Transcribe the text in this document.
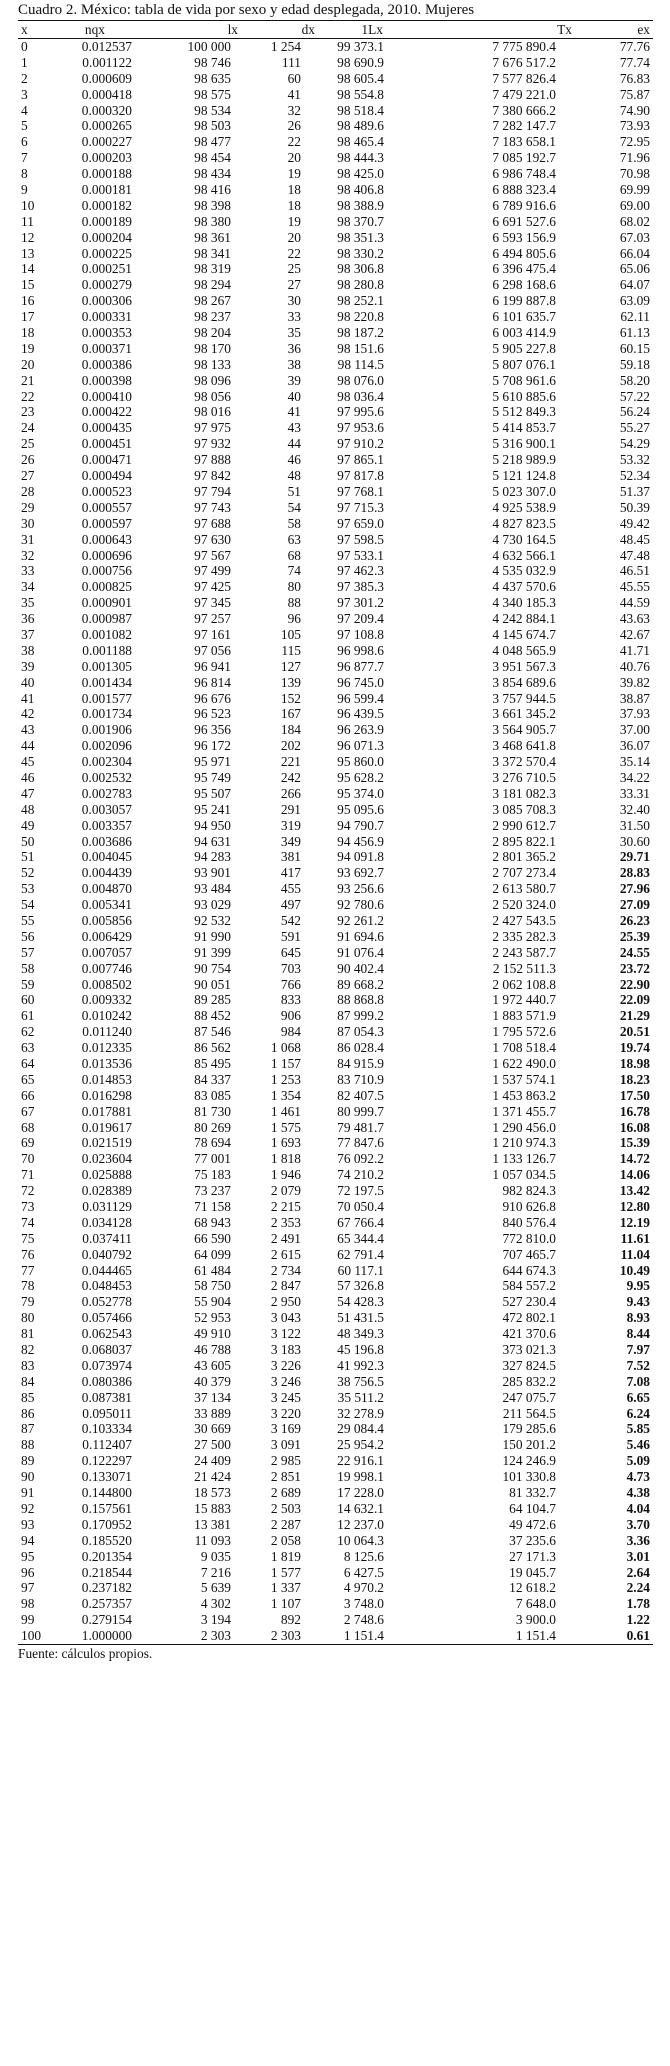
Cuadro 2. México: tabla de vida por sexo y edad desplegada, 2010. Mujeres
x	nqx	lx	dx	1Lx	Tx	ex
0	0.012537	100 000	1 254	99 373.1	7 775 890.4	77.76
1	0.001122	98 746	111	98 690.9	7 676 517.2	77.74
2	0.000609	98 635	60	98 605.4	7 577 826.4	76.83
3	0.000418	98 575	41	98 554.8	7 479 221.0	75.87
4	0.000320	98 534	32	98 518.4	7 380 666.2	74.90
5	0.000265	98 503	26	98 489.6	7 282 147.7	73.93
6	0.000227	98 477	22	98 465.4	7 183 658.1	72.95
7	0.000203	98 454	20	98 444.3	7 085 192.7	71.96
8	0.000188	98 434	19	98 425.0	6 986 748.4	70.98
9	0.000181	98 416	18	98 406.8	6 888 323.4	69.99
10	0.000182	98 398	18	98 388.9	6 789 916.6	69.00
11	0.000189	98 380	19	98 370.7	6 691 527.6	68.02
12	0.000204	98 361	20	98 351.3	6 593 156.9	67.03
13	0.000225	98 341	22	98 330.2	6 494 805.6	66.04
14	0.000251	98 319	25	98 306.8	6 396 475.4	65.06
15	0.000279	98 294	27	98 280.8	6 298 168.6	64.07
16	0.000306	98 267	30	98 252.1	6 199 887.8	63.09
17	0.000331	98 237	33	98 220.8	6 101 635.7	62.11
18	0.000353	98 204	35	98 187.2	6 003 414.9	61.13
19	0.000371	98 170	36	98 151.6	5 905 227.8	60.15
20	0.000386	98 133	38	98 114.5	5 807 076.1	59.18
21	0.000398	98 096	39	98 076.0	5 708 961.6	58.20
22	0.000410	98 056	40	98 036.4	5 610 885.6	57.22
23	0.000422	98 016	41	97 995.6	5 512 849.3	56.24
24	0.000435	97 975	43	97 953.6	5 414 853.7	55.27
25	0.000451	97 932	44	97 910.2	5 316 900.1	54.29
26	0.000471	97 888	46	97 865.1	5 218 989.9	53.32
27	0.000494	97 842	48	97 817.8	5 121 124.8	52.34
28	0.000523	97 794	51	97 768.1	5 023 307.0	51.37
29	0.000557	97 743	54	97 715.3	4 925 538.9	50.39
30	0.000597	97 688	58	97 659.0	4 827 823.5	49.42
31	0.000643	97 630	63	97 598.5	4 730 164.5	48.45
32	0.000696	97 567	68	97 533.1	4 632 566.1	47.48
33	0.000756	97 499	74	97 462.3	4 535 032.9	46.51
34	0.000825	97 425	80	97 385.3	4 437 570.6	45.55
35	0.000901	97 345	88	97 301.2	4 340 185.3	44.59
36	0.000987	97 257	96	97 209.4	4 242 884.1	43.63
37	0.001082	97 161	105	97 108.8	4 145 674.7	42.67
38	0.001188	97 056	115	96 998.6	4 048 565.9	41.71
39	0.001305	96 941	127	96 877.7	3 951 567.3	40.76
40	0.001434	96 814	139	96 745.0	3 854 689.6	39.82
41	0.001577	96 676	152	96 599.4	3 757 944.5	38.87
42	0.001734	96 523	167	96 439.5	3 661 345.2	37.93
43	0.001906	96 356	184	96 263.9	3 564 905.7	37.00
44	0.002096	96 172	202	96 071.3	3 468 641.8	36.07
45	0.002304	95 971	221	95 860.0	3 372 570.4	35.14
46	0.002532	95 749	242	95 628.2	3 276 710.5	34.22
47	0.002783	95 507	266	95 374.0	3 181 082.3	33.31
48	0.003057	95 241	291	95 095.6	3 085 708.3	32.40
49	0.003357	94 950	319	94 790.7	2 990 612.7	31.50
50	0.003686	94 631	349	94 456.9	2 895 822.1	30.60
51	0.004045	94 283	381	94 091.8	2 801 365.2	29.71
52	0.004439	93 901	417	93 692.7	2 707 273.4	28.83
53	0.004870	93 484	455	93 256.6	2 613 580.7	27.96
54	0.005341	93 029	497	92 780.6	2 520 324.0	27.09
55	0.005856	92 532	542	92 261.2	2 427 543.5	26.23
56	0.006429	91 990	591	91 694.6	2 335 282.3	25.39
57	0.007057	91 399	645	91 076.4	2 243 587.7	24.55
58	0.007746	90 754	703	90 402.4	2 152 511.3	23.72
59	0.008502	90 051	766	89 668.2	2 062 108.8	22.90
60	0.009332	89 285	833	88 868.8	1 972 440.7	22.09
61	0.010242	88 452	906	87 999.2	1 883 571.9	21.29
62	0.011240	87 546	984	87 054.3	1 795 572.6	20.51
63	0.012335	86 562	1 068	86 028.4	1 708 518.4	19.74
64	0.013536	85 495	1 157	84 915.9	1 622 490.0	18.98
65	0.014853	84 337	1 253	83 710.9	1 537 574.1	18.23
66	0.016298	83 085	1 354	82 407.5	1 453 863.2	17.50
67	0.017881	81 730	1 461	80 999.7	1 371 455.7	16.78
68	0.019617	80 269	1 575	79 481.7	1 290 456.0	16.08
69	0.021519	78 694	1 693	77 847.6	1 210 974.3	15.39
70	0.023604	77 001	1 818	76 092.2	1 133 126.7	14.72
71	0.025888	75 183	1 946	74 210.2	1 057 034.5	14.06
72	0.028389	73 237	2 079	72 197.5	982 824.3	13.42
73	0.031129	71 158	2 215	70 050.4	910 626.8	12.80
74	0.034128	68 943	2 353	67 766.4	840 576.4	12.19
75	0.037411	66 590	2 491	65 344.4	772 810.0	11.61
76	0.040792	64 099	2 615	62 791.4	707 465.7	11.04
77	0.044465	61 484	2 734	60 117.1	644 674.3	10.49
78	0.048453	58 750	2 847	57 326.8	584 557.2	9.95
79	0.052778	55 904	2 950	54 428.3	527 230.4	9.43
80	0.057466	52 953	3 043	51 431.5	472 802.1	8.93
81	0.062543	49 910	3 122	48 349.3	421 370.6	8.44
82	0.068037	46 788	3 183	45 196.8	373 021.3	7.97
83	0.073974	43 605	3 226	41 992.3	327 824.5	7.52
84	0.080386	40 379	3 246	38 756.5	285 832.2	7.08
85	0.087381	37 134	3 245	35 511.2	247 075.7	6.65
86	0.095011	33 889	3 220	32 278.9	211 564.5	6.24
87	0.103334	30 669	3 169	29 084.4	179 285.6	5.85
88	0.112407	27 500	3 091	25 954.2	150 201.2	5.46
89	0.122297	24 409	2 985	22 916.1	124 246.9	5.09
90	0.133071	21 424	2 851	19 998.1	101 330.8	4.73
91	0.144800	18 573	2 689	17 228.0	81 332.7	4.38
92	0.157561	15 883	2 503	14 632.1	64 104.7	4.04
93	0.170952	13 381	2 287	12 237.0	49 472.6	3.70
94	0.185520	11 093	2 058	10 064.3	37 235.6	3.36
95	0.201354	9 035	1 819	8 125.6	27 171.3	3.01
96	0.218544	7 216	1 577	6 427.5	19 045.7	2.64
97	0.237182	5 639	1 337	4 970.2	12 618.2	2.24
98	0.257357	4 302	1 107	3 748.0	7 648.0	1.78
99	0.279154	3 194	892	2 748.6	3 900.0	1.22
100	1.000000	2 303	2 303	1 151.4	1 151.4	0.61
Fuente: cálculos propios.
